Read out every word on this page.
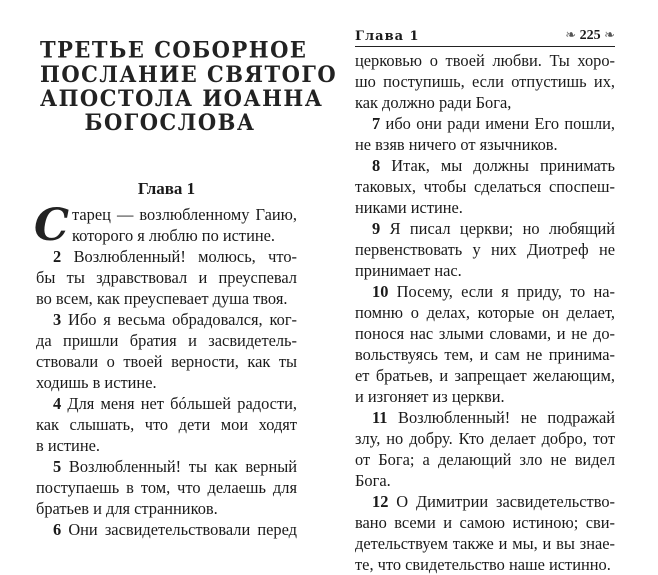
ТРЕТЬЕ СОБОРНОЕ
ПОСЛАНИЕ СВЯТОГО
АПОСТОЛА ИОАННА
БОГОСЛОВА
Глава 1
С тарец — возлюбленному Гаию,
которого я люблю по истине.
2 Возлюбленный! молюсь, что-
бы ты здравствовал и преуспевал
во всем, как преуспевает душа твоя.
3 Ибо я весьма обрадовался, ког-
да пришли братия и засвидетель-
ствовали о твоей верности, как ты
ходишь в истине.
4 Для меня нет бóльшей радости,
как слышать, что дети мои ходят
в истине.
5 Возлюбленный! ты как верный
поступаешь в том, что делаешь для
братьев и для странников.
6 Они засвидетельствовали перед
Глава 1	❧ 225 ❧
церковью о твоей любви. Ты хоро-
шо поступишь, если отпустишь их,
как должно ради Бога,
7 ибо они ради имени Его пошли,
не взяв ничего от язычников.
8 Итак, мы должны принимать
таковых, чтобы сделаться споспеш-
никами истине.
9 Я писал церкви; но любящий
первенствовать у них Диотреф не
принимает нас.
10 Посему, если я приду, то на-
помню о делах, которые он делает,
понося нас злыми словами, и не до-
вольствуясь тем, и сам не принима-
ет братьев, и запрещает желающим,
и изгоняет из церкви.
11 Возлюбленный! не подражай
злу, но добру. Кто делает добро, тот
от Бога; а делающий зло не видел
Бога.
12 О Димитрии засвидетельство-
вано всеми и самою истиною; сви-
детельствуем также и мы, и вы знае-
те, что свидетельство наше истинно.
